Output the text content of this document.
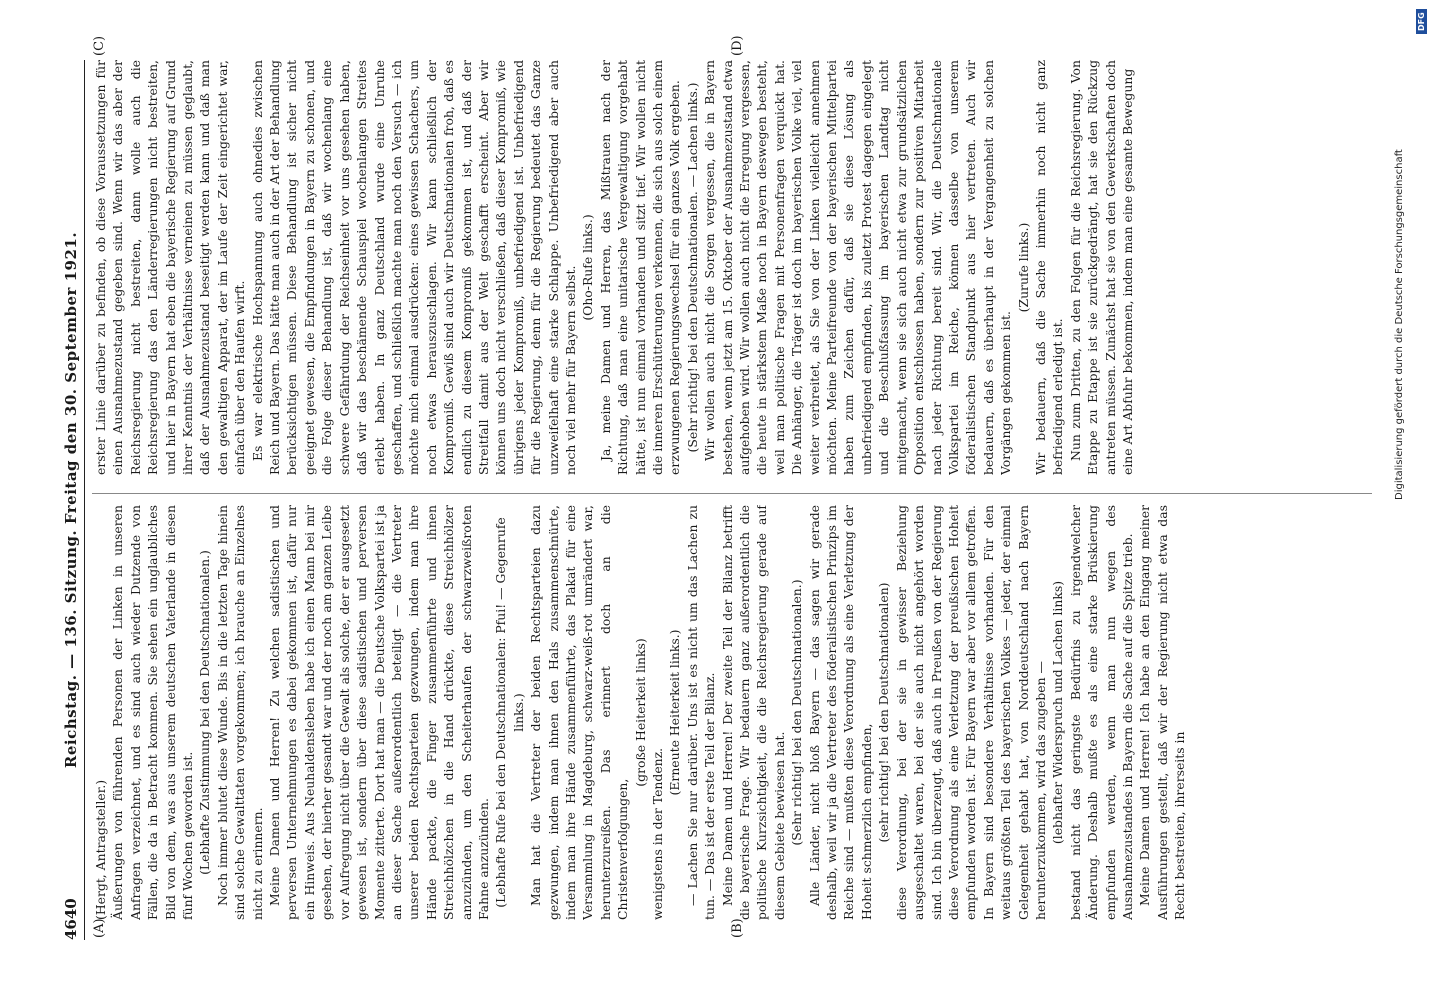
4640
Reichstag. — 136. Sitzung. Freitag den 30. September 1921.

(Hergt, Antragsteller.) Äußerungen von führenden Personen der Linken in unseren Anfragen verzeichnet, und es sind auch wieder Dutzende von Fällen, die da in Betracht kommen. Sie sehen ein unglaubliches Bild von dem, was aus unserem deutschen Vaterlande in diesen fünf Wochen geworden ist. (Lebhafte Zustimmung bei den Deutschnationalen.) Noch immer blutet diese Wunde. Bis in die letzten Tage hinein sind solche Gewalttaten vorgekommen; ich brauche an Einzelnes nicht zu erinnern. Meine Damen und Herren! Zu welchen sadistischen und perversen Unternehmungen es dabei gekommen ist, dafür nur ein Hinweis. Aus Neuhaldensleben habe ich einen Mann bei mir gesehen, der hierher gesandt war und der noch am ganzen Leibe vor Aufregung nicht über die Gewalt als solche, der er ausgesetzt gewesen ist, sondern über diese sadistischen und perversen Momente zitterte. Dort hat man — die Deutsche Volkspartei ist ja an dieser Sache außerordentlich beteiligt — die Vertreter unserer beiden Rechtsparteien gezwungen, indem man ihre Hände packte, die Finger zusammenführte und ihnen Streichhölzchen in die Hand drückte, diese Streichhölzer anzuzünden, um den Scheiterhaufen der schwarzweißroten Fahne anzuzünden. (Lebhafte Rufe bei den Deutschnationalen: Pfui! — Gegenrufe links.) Man hat die Vertreter der beiden Rechtsparteien dazu gezwungen, indem man ihnen den Hals zusammenschnürte, indem man ihre Hände zusammenführte, das Plakat für eine Versammlung in Magdeburg, schwarz-weiß-rot umrändert war, herunterzureißen. Das erinnert doch an die Christenverfolgungen,

(große Heiterkeit links)

wenigstens in der Tendenz.

(Erneute Heiterkeit links.) — Lachen Sie nur darüber. Uns ist es nicht um das Lachen zu tun. — Das ist der erste Teil der Bilanz. Meine Damen und Herren! Der zweite Teil der Bilanz betrifft die bayerische Frage. Wir bedauern ganz außerordentlich die politische Kurzsichtigkeit, die die Reichsregierung gerade auf diesem Gebiete bewiesen hat. (Sehr richtig! bei den Deutschnationalen.) Alle Länder, nicht bloß Bayern — das sagen wir gerade deshalb, weil wir ja die Vertreter des föderalistischen Prinzips im Reiche sind — mußten diese Verordnung als eine Verletzung der Hoheit schmerzlich empfinden, (sehr richtig! bei den Deutschnationalen) diese Verordnung, bei der sie in gewisser Beziehung ausgeschaltet waren, bei der sie auch nicht angehört worden sind. Ich bin überzeugt, daß auch in Preußen von der Regierung diese Verordnung als eine Verletzung der preußischen Hoheit empfunden worden ist. Für Bayern war aber vor allem getroffen. In Bayern sind besondere Verhältnisse vorhanden. Für den weitaus größten Teil des bayerischen Volkes — jeder, der einmal Gelegenheit gehabt hat, von Norddeutschland nach Bayern herunterzukommen, wird das zugeben — (lebhafter Widerspruch und Lachen links) bestand nicht das geringste Bedürfnis zu irgendwelcher Änderung. Deshalb mußte es als eine starke Brüskierung empfunden werden, wenn man nun wegen des Ausnahmezustandes in Bayern die Sache auf die Spitze trieb. Meine Damen und Herren! Ich habe an den Eingang meiner Ausführungen gestellt, daß wir der Regierung nicht etwa das Recht bestreiten, ihrerseits in

erster Linie darüber zu befinden, ob diese Voraussetzungen für einen Ausnahmezustand gegeben sind. Wenn wir das aber der Reichsregierung nicht bestreiten, dann wolle auch die Reichsregierung das den Länderregierungen nicht bestreiten, und hier in Bayern hat eben die bayerische Regierung auf Grund ihrer Kenntnis der Verhältnisse verneinen zu müssen geglaubt, daß der Ausnahmezustand beseitigt werden kann und daß man den gewaltigen Apparat, der im Laufe der Zeit eingerichtet war, einfach über den Haufen wirft. Es war elektrische Hochspannung auch ohnedies zwischen Reich und Bayern. Das hätte man auch in der Art der Behandlung berücksichtigen müssen. Diese Behandlung ist sicher nicht geeignet gewesen, die Empfindungen in Bayern zu schonen, und die Folge dieser Behandlung ist, daß wir wochenlang eine schwere Gefährdung der Reichseinheit vor uns gesehen haben, daß wir das beschämende Schauspiel wochenlangen Streites erlebt haben. In ganz Deutschland wurde eine Unruhe geschaffen, und schließlich machte man noch den Versuch — ich möchte mich einmal ausdrücken: eines gewissen Schachers, um noch etwas herauszuschlagen. Wir kann schließlich der Kompromiß. Gewiß sind auch wir Deutschnationalen froh, daß es endlich zu diesem Kompromiß gekommen ist, und daß der Streitfall damit aus der Welt geschafft erscheint. Aber wir können uns doch nicht verschließen, daß dieser Kompromiß, wie übrigens jeder Kompromiß, unbefriedigend ist. Unbefriedigend für die Regierung, denn für die Regierung bedeutet das Ganze unzweifelhaft eine starke Schlappe. Unbefriedigend aber auch noch viel mehr für Bayern selbst. (Oho-Rufe links.) Ja, meine Damen und Herren, das Mißtrauen nach der Richtung, daß man eine unitarische Vergewaltigung vorgehabt hätte, ist nun einmal vorhanden und sitzt tief. Wir wollen nicht die inneren Erschütterungen verkennen, die sich aus solch einem erzwungenen Regierungswechsel für ein ganzes Volk ergeben. (Sehr richtig! bei den Deutschnationalen. — Lachen links.) Wir wollen auch nicht die Sorgen vergessen, die in Bayern bestehen, wenn jetzt am 15. Oktober der Ausnahmezustand etwa aufgehoben wird. Wir wollen auch nicht die Erregung vergessen, die heute in stärkstem Maße noch in Bayern deswegen besteht, weil man politische Fragen mit Personenfragen verquickt hat. Die Anhänger, die Träger ist doch im bayerischen Volke viel, viel weiter verbreitet, als Sie von der Linken vielleicht annehmen möchten. Meine Parteifreunde von der bayerischen Mittelpartei haben zum Zeichen dafür, daß sie diese Lösung als unbefriedigend empfinden, bis zuletzt Protest dagegen eingelegt und die Beschlußfassung im bayerischen Landtag nicht mitgemacht, wenn sie sich auch nicht etwa zur grundsätzlichen Opposition entschlossen haben, sondern zur positiven Mitarbeit nach jeder Richtung bereit sind. Wir, die Deutschnationale Volkspartei im Reiche, können dasselbe von unserem föderalistischen Standpunkt aus hier vertreten. Auch wir bedauern, daß es überhaupt in der Vergangenheit zu solchen Vorgängen gekommen ist.

(Zurufe links.) Wir bedauern, daß die Sache immerhin noch nicht ganz befriedigend erledigt ist. Nun zum Dritten, zu den Folgen für die Reichsregierung. Von Etappe zu Etappe ist sie zurückgedrängt, hat sie den Rückzug antreten müssen. Zunächst hat sie von den Gewerkschaften doch eine Art Abfuhr bekommen, indem man eine gesamte Bewegung

(A)	(B)
(C)	(D)
Digitalisierung gefördert durch die Deutsche Forschungsgemeinschaft
DFG
